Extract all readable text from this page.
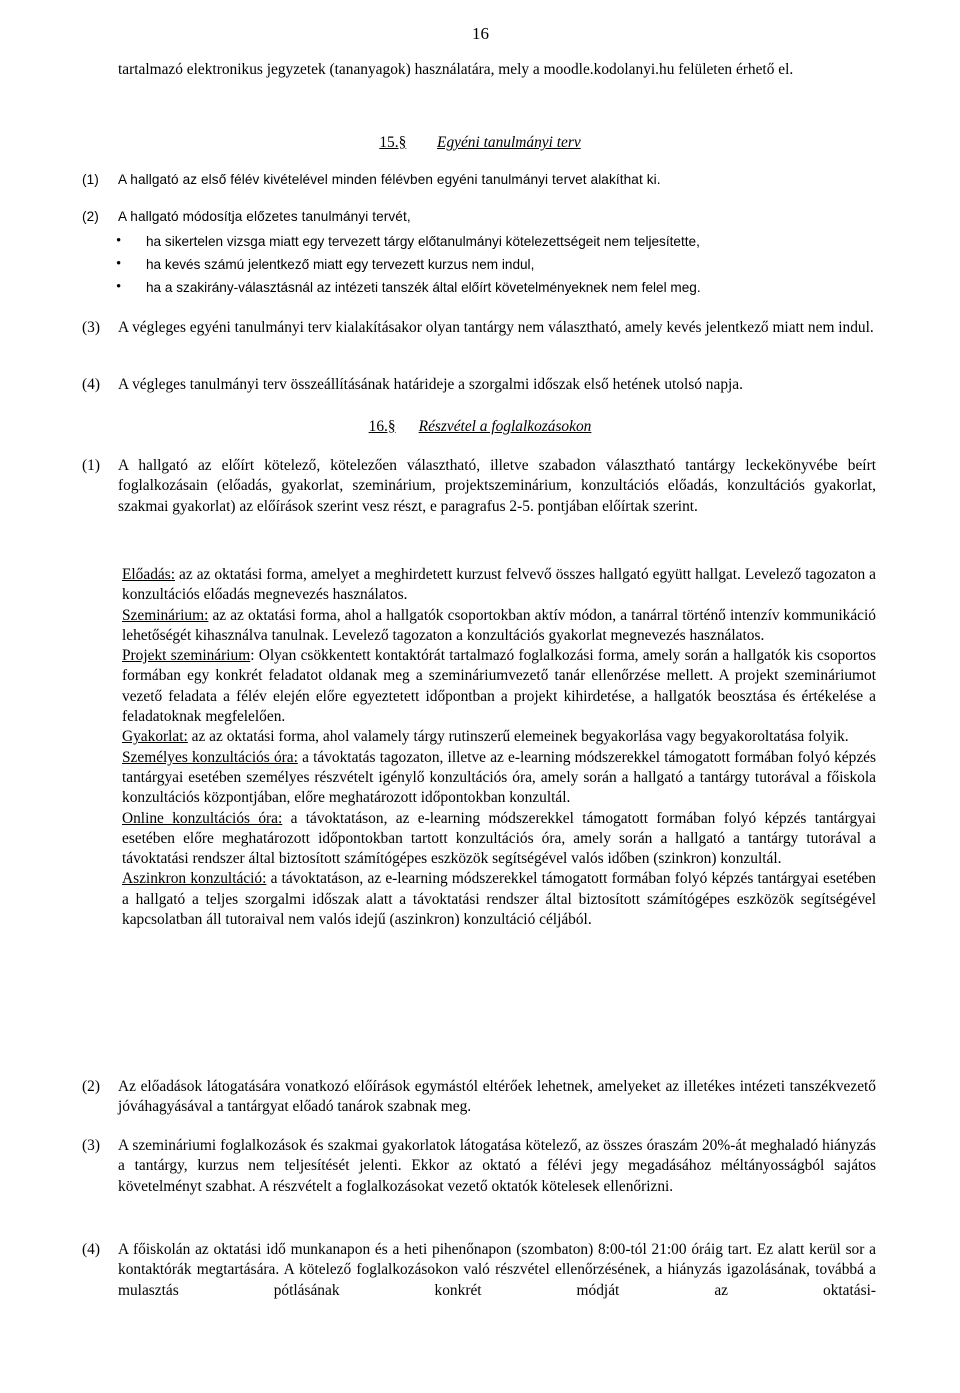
16
tartalmazó elektronikus jegyzetek (tananyagok) használatára, mely a moodle.kodolanyi.hu felületen érhető el.
15.§ Egyéni tanulmányi terv
(1) A hallgató az első félév kivételével minden félévben egyéni tanulmányi tervet alakíthat ki.
(2) A hallgató módosítja előzetes tanulmányi tervét,
• ha sikertelen vizsga miatt egy tervezett tárgy előtanulmányi kötelezettségeit nem teljesítette,
• ha kevés számú jelentkező miatt egy tervezett kurzus nem indul,
• ha a szakirány-választásnál az intézeti tanszék által előírt követelményeknek nem felel meg.
(3) A végleges egyéni tanulmányi terv kialakításakor olyan tantárgy nem választható, amely kevés jelentkező miatt nem indul.
(4) A végleges tanulmányi terv összeállításának határideje a szorgalmi időszak első hetének utolsó napja.
16.§ Részvétel a foglalkozásokon
(1) A hallgató az előírt kötelező, kötelezően választható, illetve szabadon választható tantárgy leckekönyvébe beírt foglalkozásain (előadás, gyakorlat, szeminárium, projektszeminárium, konzultációs előadás, konzultációs gyakorlat, szakmai gyakorlat) az előírások szerint vesz részt, e paragrafus 2-5. pontjában előírtak szerint.

Előadás: az az oktatási forma, amelyet a meghirdetett kurzust felvevő összes hallgató együtt hallgat. Levelező tagozaton a konzultációs előadás megnevezés használatos.

Szeminárium: az az oktatási forma, ahol a hallgatók csoportokban aktív módon, a tanárral történő intenzív kommunikáció lehetőségét kihasználva tanulnak. Levelező tagozaton a konzultációs gyakorlat megnevezés használatos.

Projekt szeminárium: Olyan csökkentett kontaktórát tartalmazó foglalkozási forma, amely során a hallgatók kis csoportos formában egy konkrét feladatot oldanak meg a szemináriumvezető tanár ellenőrzése mellett. A projekt szemináriumot vezető feladata a félév elején előre egyeztetett időpontban a projekt kihirdetése, a hallgatók beosztása és értékelése a feladatoknak megfelelően.

Gyakorlat: az az oktatási forma, ahol valamely tárgy rutinszerű elemeinek begyakorlása vagy begyakoroltatása folyik.

Személyes konzultációs óra: a távoktatás tagozaton, illetve az e-learning módszerekkel támogatott formában folyó képzés tantárgyai esetében személyes részvételt igénylő konzultációs óra, amely során a hallgató a tantárgy tutorával a főiskola konzultációs központjában, előre meghatározott időpontokban konzultál.

Online konzultációs óra: a távoktatáson, az e-learning módszerekkel támogatott formában folyó képzés tantárgyai esetében előre meghatározott időpontokban tartott konzultációs óra, amely során a hallgató a tantárgy tutorával a távoktatási rendszer által biztosított számítógépes eszközök segítségével valós időben (szinkron) konzultál.

Aszinkron konzultáció: a távoktatáson, az e-learning módszerekkel támogatott formában folyó képzés tantárgyai esetében a hallgató a teljes szorgalmi időszak alatt a távoktatási rendszer által biztosított számítógépes eszközök segítségével kapcsolatban áll tutoraival nem valós idejű (aszinkron) konzultáció céljából.

(2) Az előadások látogatására vonatkozó előírások egymástól eltérőek lehetnek, amelyeket az illetékes intézeti tanszékvezető jóváhagyásával a tantárgyat előadó tanárok szabnak meg.
(3) A szemináriumi foglalkozások és szakmai gyakorlatok látogatása kötelező, az összes óraszám 20%-át meghaladó hiányzás a tantárgy, kurzus nem teljesítését jelenti. Ekkor az oktató a félévi jegy megadásához méltányosságból sajátos követelményt szabhat. A részvételt a foglalkozásokat vezető oktatók kötelesek ellenőrizni.
(4) A főiskolán az oktatási idő munkanapon és a heti pihenőnapon (szombaton) 8:00-tól 21:00 óráig tart. Ez alatt kerül sor a kontaktórák megtartására. A kötelező foglalkozásokon való részvétel ellenőrzésének, a hiányzás igazolásának, továbbá a mulasztás pótlásának konkrét módját az oktatási-
